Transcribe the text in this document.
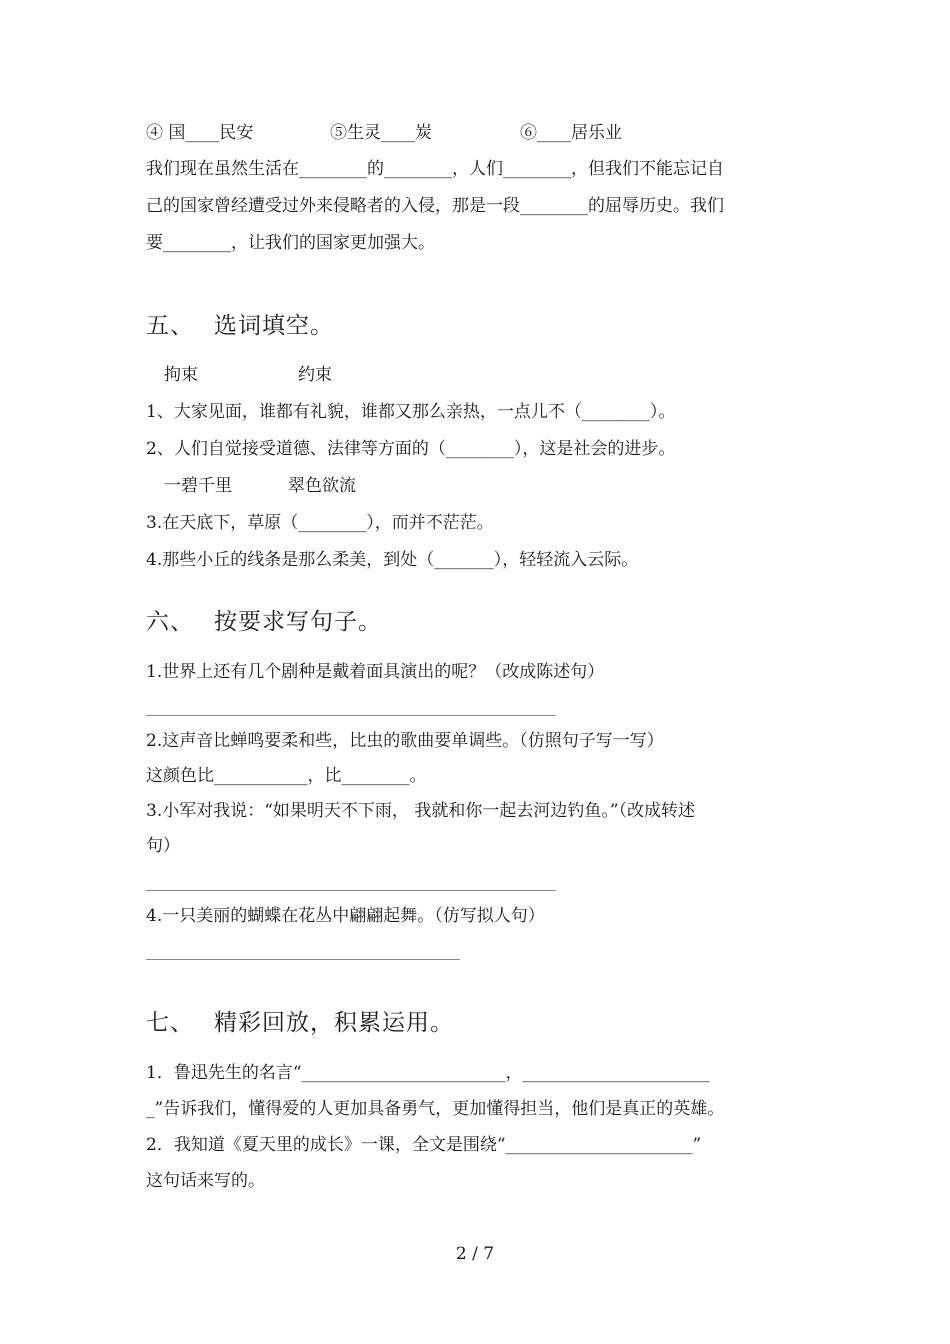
④ 国____民安	⑤生灵____炭	⑥____居乐业
我们现在虽然生活在________的________，人们________，但我们不能忘记自
己的国家曾经遭受过外来侵略者的入侵，那是一段________的屈辱历史。我们
要________，让我们的国家更加强大。
五、 选词填空。
拘束	约束
1、大家见面，谁都有礼貌，谁都又那么亲热，一点儿不（________）。
2、人们自觉接受道德、法律等方面的（________），这是社会的进步。
一碧千里	翠色欲流
3.在天底下，草原（________），而并不茫茫。
4.那些小丘的线条是那么柔美，到处（_______），轻轻流入云际。
六、 按要求写句子。
1.世界上还有几个剧种是戴着面具演出的呢？（改成陈述句）
2.这声音比蝉鸣要柔和些，比虫的歌曲要单调些。（仿照句子写一写）
这颜色比___________，比________。
3.小军对我说：“如果明天不下雨， 我就和你一起去河边钓鱼。”（改成转述
句）
4.一只美丽的蝴蝶在花丛中翩翩起舞。（仿写拟人句）
七、 精彩回放，积累运用。
1．鲁迅先生的名言“________________________，______________________
_”告诉我们，懂得爱的人更加具备勇气，更加懂得担当，他们是真正的英雄。
2．我知道《夏天里的成长》一课，全文是围绕“______________________”
这句话来写的。
2 / 7
